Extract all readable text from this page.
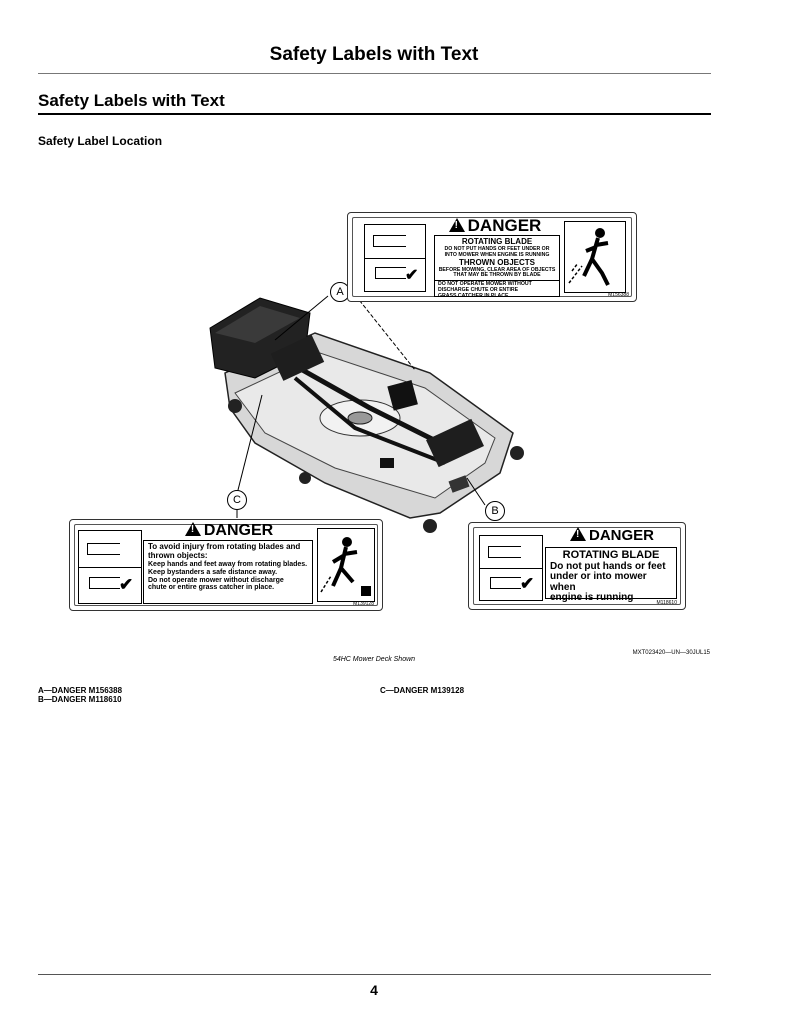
Safety Labels with Text
Safety Labels with Text
Safety Label Location
A
B
C
✔
!DANGER
ROTATING BLADE
DO NOT PUT HANDS OR FEET UNDER OR
INTO MOWER WHEN ENGINE IS RUNNING
THROWN OBJECTS
BEFORE MOWING, CLEAR AREA OF OBJECTS
THAT MAY BE THROWN BY BLADE
DO NOT OPERATE MOWER WITHOUT
DISCHARGE CHUTE OR ENTIRE
GRASS CATCHER IN PLACE	M156388
✔
!DANGER
To avoid injury from rotating blades and
thrown objects:
Keep hands and feet away from rotating blades.
Keep bystanders a safe distance away.
Do not operate mower without discharge
chute or entire grass catcher in place.
M139128
✔
!DANGER
ROTATING BLADE
Do not put hands or feet
under or into mower when
engine is running	M118610
MXT023420—UN—30JUL15
54HC Mower Deck Shown
A—DANGER M156388
B—DANGER M118610
C—DANGER M139128
4
